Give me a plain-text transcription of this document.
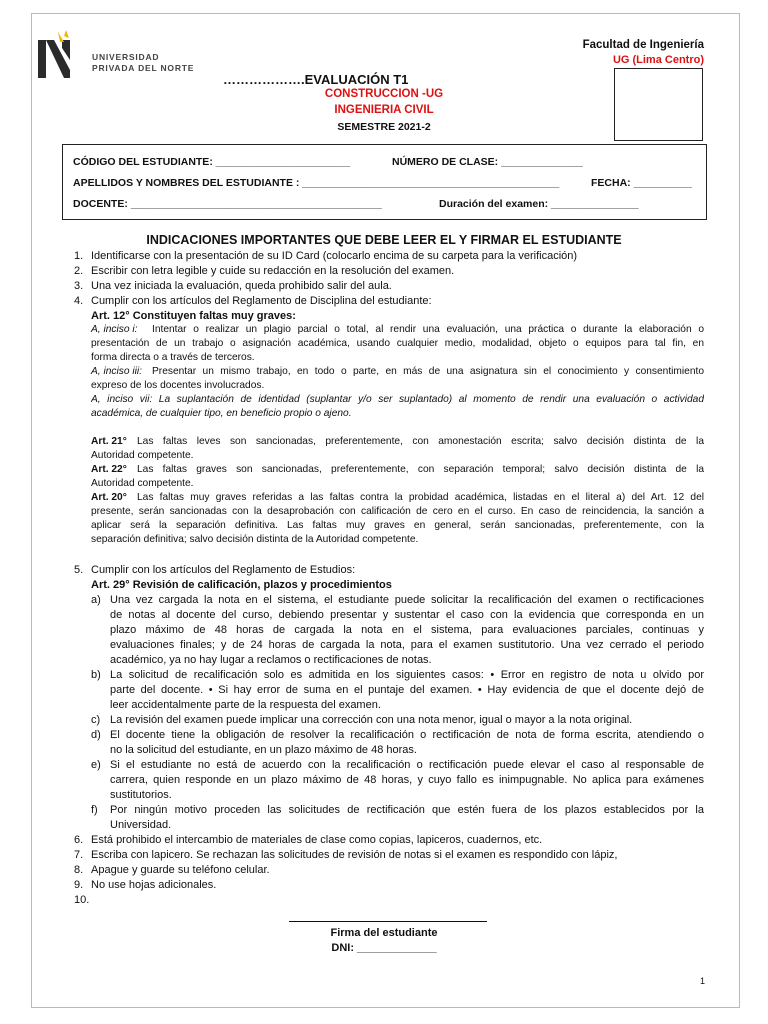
UNIVERSIDAD
PRIVADA DEL NORTE
Facultad de Ingeniería
UG (Lima Centro)
……………….EVALUACIÓN T1
CONSTRUCCION -UG
INGENIERIA CIVIL
SEMESTRE 2021-2
CÓDIGO DEL ESTUDIANTE: _______________________	NÚMERO DE CLASE: ______________
APELLIDOS Y NOMBRES DEL ESTUDIANTE : ____________________________________________	FECHA: __________
DOCENTE: ___________________________________________	Duración del examen: _______________
INDICACIONES IMPORTANTES QUE DEBE LEER EL Y FIRMAR EL ESTUDIANTE
1. Identificarse con la presentación de su ID Card (colocarlo encima de su carpeta para la verificación)
2. Escribir con letra legible y cuide su redacción en la resolución del examen.
3. Una vez iniciada la evaluación, queda prohibido salir del aula.
4. Cumplir con los artículos del Reglamento de Disciplina del estudiante:
Art. 12° Constituyen faltas muy graves:
A, inciso i: Intentar o realizar un plagio parcial o total, al rendir una evaluación, una práctica o durante la elaboración o
presentación de un trabajo o asignación académica, usando cualquier medio, modalidad, objeto o equipos para tal fin, en
forma directa o a través de terceros.
A, inciso iii: Presentar un mismo trabajo, en todo o parte, en más de una asignatura sin el conocimiento y consentimiento
expreso de los docentes involucrados.
A, inciso vii: La suplantación de identidad (suplantar y/o ser suplantado) al momento de rendir una evaluación o actividad
académica, de cualquier tipo, en beneficio propio o ajeno.
Art. 21° Las faltas leves son sancionadas, preferentemente, con amonestación escrita; salvo decisión distinta de la
Autoridad competente.
Art. 22° Las faltas graves son sancionadas, preferentemente, con separación temporal; salvo decisión distinta de la
Autoridad competente.
Art. 20° Las faltas muy graves referidas a las faltas contra la probidad académica, listadas en el literal a) del Art. 12 del
presente, serán sancionadas con la desaprobación con calificación de cero en el curso. En caso de reincidencia, la sanción a
aplicar será la separación definitiva. Las faltas muy graves en general, serán sancionadas, preferentemente, con la
separación definitiva; salvo decisión distinta de la Autoridad competente.
5. Cumplir con los artículos del Reglamento de Estudios:
Art. 29° Revisión de calificación, plazos y procedimientos
a) Una vez cargada la nota en el sistema, el estudiante puede solicitar la recalificación del examen o rectificaciones
de notas al docente del curso, debiendo presentar y sustentar el caso con la evidencia que corresponda en un
plazo máximo de 48 horas de cargada la nota en el sistema, para evaluaciones parciales, continuas y
evaluaciones finales; y de 24 horas de cargada la nota, para el examen sustitutorio. Una vez cerrado el periodo
académico, ya no hay lugar a reclamos o rectificaciones de notas.
b) La solicitud de recalificación solo es admitida en los siguientes casos: • Error en registro de nota u olvido por
parte del docente. • Si hay error de suma en el puntaje del examen. • Hay evidencia de que el docente dejó de
leer accidentalmente parte de la respuesta del examen.
c) La revisión del examen puede implicar una corrección con una nota menor, igual o mayor a la nota original.
d) El docente tiene la obligación de resolver la recalificación o rectificación de nota de forma escrita, atendiendo o
no la solicitud del estudiante, en un plazo máximo de 48 horas.
e) Si el estudiante no está de acuerdo con la recalificación o rectificación puede elevar el caso al responsable de
carrera, quien responde en un plazo máximo de 48 horas, y cuyo fallo es inimpugnable. No aplica para exámenes
sustitutorios.
f) Por ningún motivo proceden las solicitudes de rectificación que estén fuera de los plazos establecidos por la
Universidad.
6. Está prohibido el intercambio de materiales de clase como copias, lapiceros, cuadernos, etc.
7. Escriba con lapicero. Se rechazan las solicitudes de revisión de notas si el examen es respondido con lápiz,
8. Apague y guarde su teléfono celular.
9. No use hojas adicionales.
10.
Firma del estudiante
DNI: _____________
1
